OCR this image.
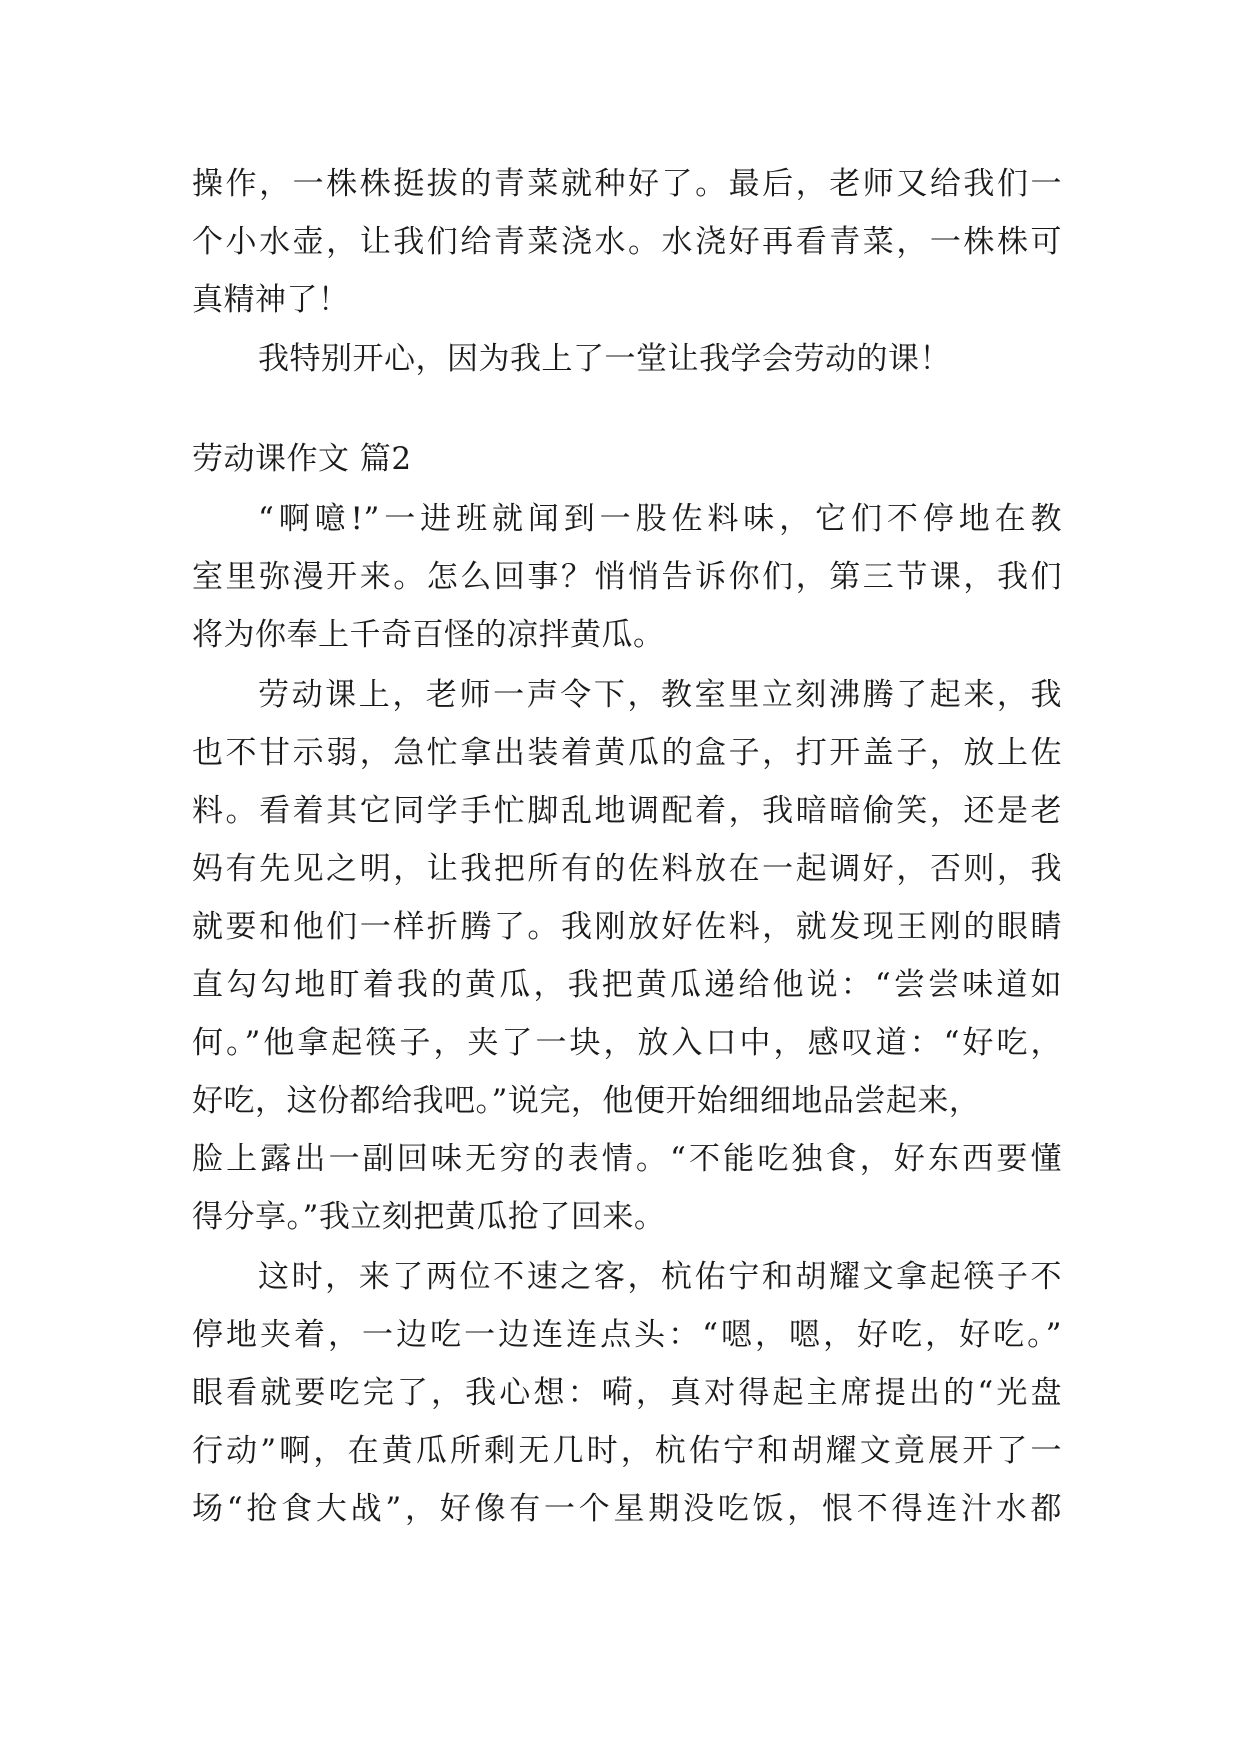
操作，一株株挺拔的青菜就种好了。最后，老师又给我们一
个小水壶，让我们给青菜浇水。水浇好再看青菜，一株株可
真精神了！
我特别开心，因为我上了一堂让我学会劳动的课！
劳动课作文 篇2
“啊噫!”一进班就闻到一股佐料味，它们不停地在教
室里弥漫开来。怎么回事？悄悄告诉你们，第三节课，我们
将为你奉上千奇百怪的凉拌黄瓜。
劳动课上，老师一声令下，教室里立刻沸腾了起来，我
也不甘示弱，急忙拿出装着黄瓜的盒子，打开盖子，放上佐
料。看着其它同学手忙脚乱地调配着，我暗暗偷笑，还是老
妈有先见之明，让我把所有的佐料放在一起调好，否则，我
就要和他们一样折腾了。我刚放好佐料，就发现王刚的眼睛
直勾勾地盯着我的黄瓜，我把黄瓜递给他说：“尝尝味道如
何。”他拿起筷子，夹了一块，放入口中，感叹道：“好吃，
好吃，这份都给我吧。”说完，他便开始细细地品尝起来，
脸上露出一副回味无穷的表情。“不能吃独食，好东西要懂
得分享。”我立刻把黄瓜抢了回来。
这时，来了两位不速之客，杭佑宁和胡耀文拿起筷子不
停地夹着，一边吃一边连连点头：“嗯，嗯，好吃，好吃。”
眼看就要吃完了，我心想：嗬，真对得起主席提出的“光盘
行动”啊，在黄瓜所剩无几时，杭佑宁和胡耀文竟展开了一
场“抢食大战”，好像有一个星期没吃饭，恨不得连汁水都
